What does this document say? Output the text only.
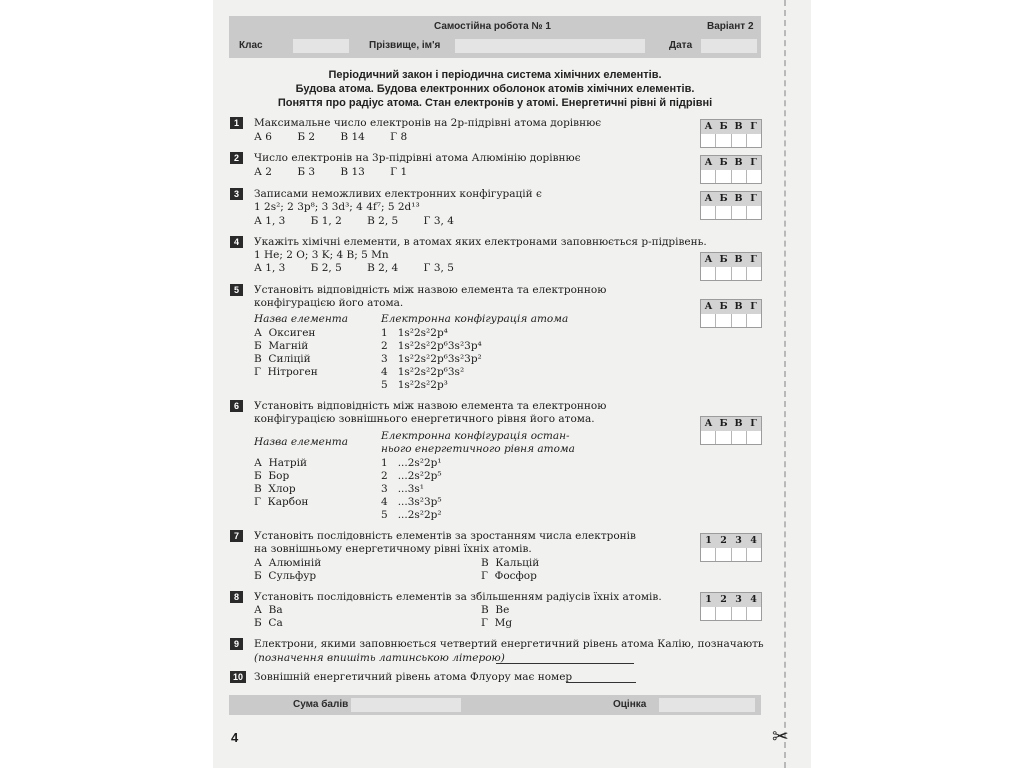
✂
Самостійна робота № 1	Варіант 2
Клас	Прізвище, ім'я	Дата
Періодичний закон і періодична система хімічних елементів.
Будова атома. Будова електронних оболонок атомів хімічних елементів.
Поняття про радіус атома. Стан електронів у атомі. Енергетичні рівні й підрівні
1	Максимальне число електронів на 2p-підрівні атома дорівнює
А 6 Б 2 В 14 Г 8
2	Число електронів на 3p-підрівні атома Алюмінію дорівнює
А 2 Б 3 В 13 Г 1
3	Записами неможливих електронних конфігурацій є
1 2s²; 2 3p⁸; 3 3d³; 4 4f⁷; 5 2d¹³
А 1, 3 Б 1, 2 В 2, 5 Г 3, 4
4	Укажіть хімічні елементи, в атомах яких електронами заповнюється p-підрівень.
1 He; 2 O; 3 K; 4 B; 5 Mn
А 1, 3 Б 2, 5 В 2, 4 Г 3, 5
5	Установіть відповідність між назвою елемента та електронною
конфігурацією його атома.
Назва елемента	Електронна конфігурація атома
А Оксиген
Б Магній
В Силіцій
Г Нітроген
1 1s²2s²2p⁴
2 1s²2s²2p⁶3s²3p⁴
3 1s²2s²2p⁶3s²3p²
4 1s²2s²2p⁶3s²
5 1s²2s²2p³
6	Установіть відповідність між назвою елемента та електронною
конфігурацією зовнішнього енергетичного рівня його атома.
Назва елемента	Електронна конфігурація остан-
нього енергетичного рівня атома
А Натрій
Б Бор
В Хлор
Г Карбон
1 ...2s²2p¹
2 ...2s²2p⁵
3 ...3s¹
4 ...3s²3p⁵
5 ...2s²2p²
7	Установіть послідовність елементів за зростанням числа електронів
на зовнішньому енергетичному рівні їхніх атомів.
А Алюміній
Б Сульфур
В Кальцій
Г Фосфор
8	Установіть послідовність елементів за збільшенням радіусів їхніх атомів.
А Ba
Б Ca
В Be
Г Mg
9	Електрони, якими заповнюється четвертий енергетичний рівень атома Калію, позначають
(позначення впишіть латинською літерою)
10 Зовнішній енергетичний рівень атома Флуору має номер
А Б В Г
А Б В Г
А Б В Г
А Б В Г
А Б В Г
А Б В Г
1 2 3 4
1 2 3 4
Сума балів	Оцінка
4
